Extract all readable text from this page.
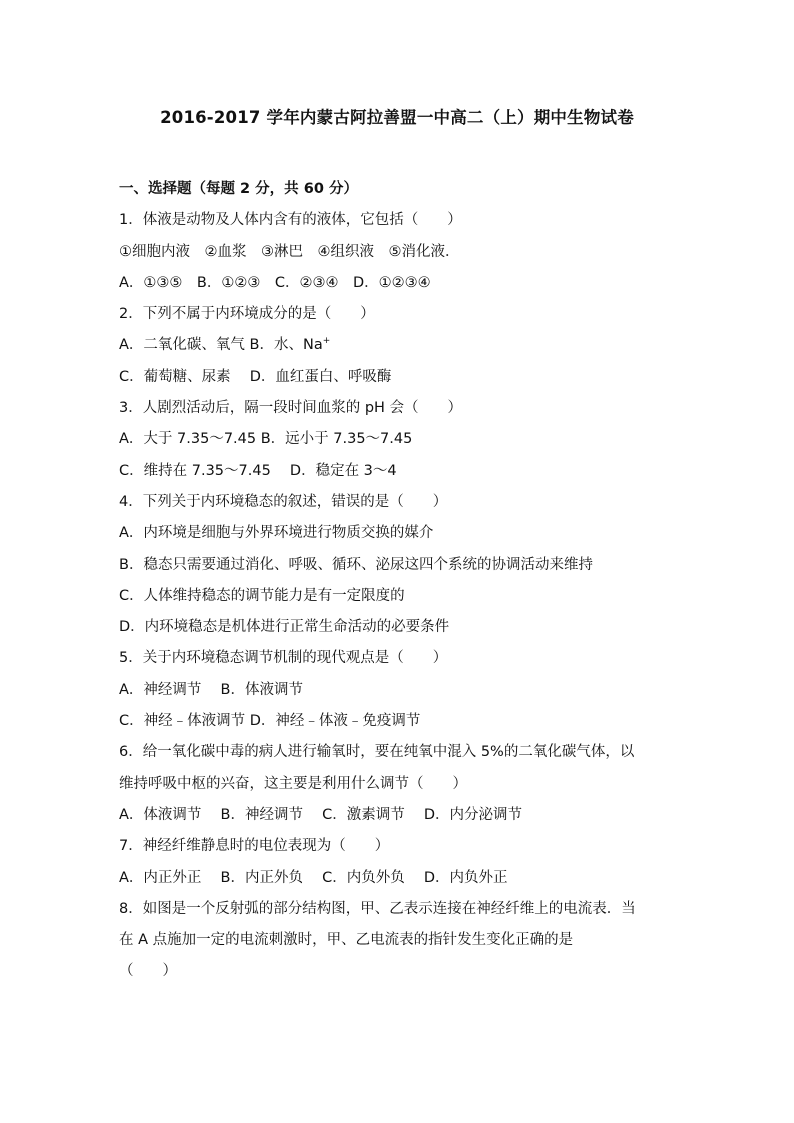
2016-2017 学年内蒙古阿拉善盟一中高二（上）期中生物试卷
一、选择题（每题 2 分，共 60 分）
1．体液是动物及人体内含有的液体，它包括（　　）
①细胞内液　②血浆　③淋巴　④组织液　⑤消化液．
A．①③⑤　B．①②③　C．②③④　D．①②③④
2．下列不属于内环境成分的是（　　）
A．二氧化碳、氧气 B．水、Na+
C．葡萄糖、尿素　 D．血红蛋白、呼吸酶
3．人剧烈活动后，隔一段时间血浆的 pH 会（　　）
A．大于 7.35～7.45 B．远小于 7.35～7.45
C．维持在 7.35～7.45　 D．稳定在 3～4
4．下列关于内环境稳态的叙述，错误的是（　　）
A．内环境是细胞与外界环境进行物质交换的媒介
B．稳态只需要通过消化、呼吸、循环、泌尿这四个系统的协调活动来维持
C．人体维持稳态的调节能力是有一定限度的
D．内环境稳态是机体进行正常生命活动的必要条件
5．关于内环境稳态调节机制的现代观点是（　　）
A．神经调节　 B．体液调节
C．神经﹣体液调节 D．神经﹣体液﹣免疫调节
6．给一氧化碳中毒的病人进行输氧时，要在纯氧中混入 5%的二氧化碳气体，以
维持呼吸中枢的兴奋，这主要是利用什么调节（　　）
A．体液调节　 B．神经调节　 C．激素调节　 D．内分泌调节
7．神经纤维静息时的电位表现为（　　）
A．内正外正　 B．内正外负　 C．内负外负　 D．内负外正
8．如图是一个反射弧的部分结构图，甲、乙表示连接在神经纤维上的电流表．当
在 A 点施加一定的电流刺激时，甲、乙电流表的指针发生变化正确的是
（　　）
